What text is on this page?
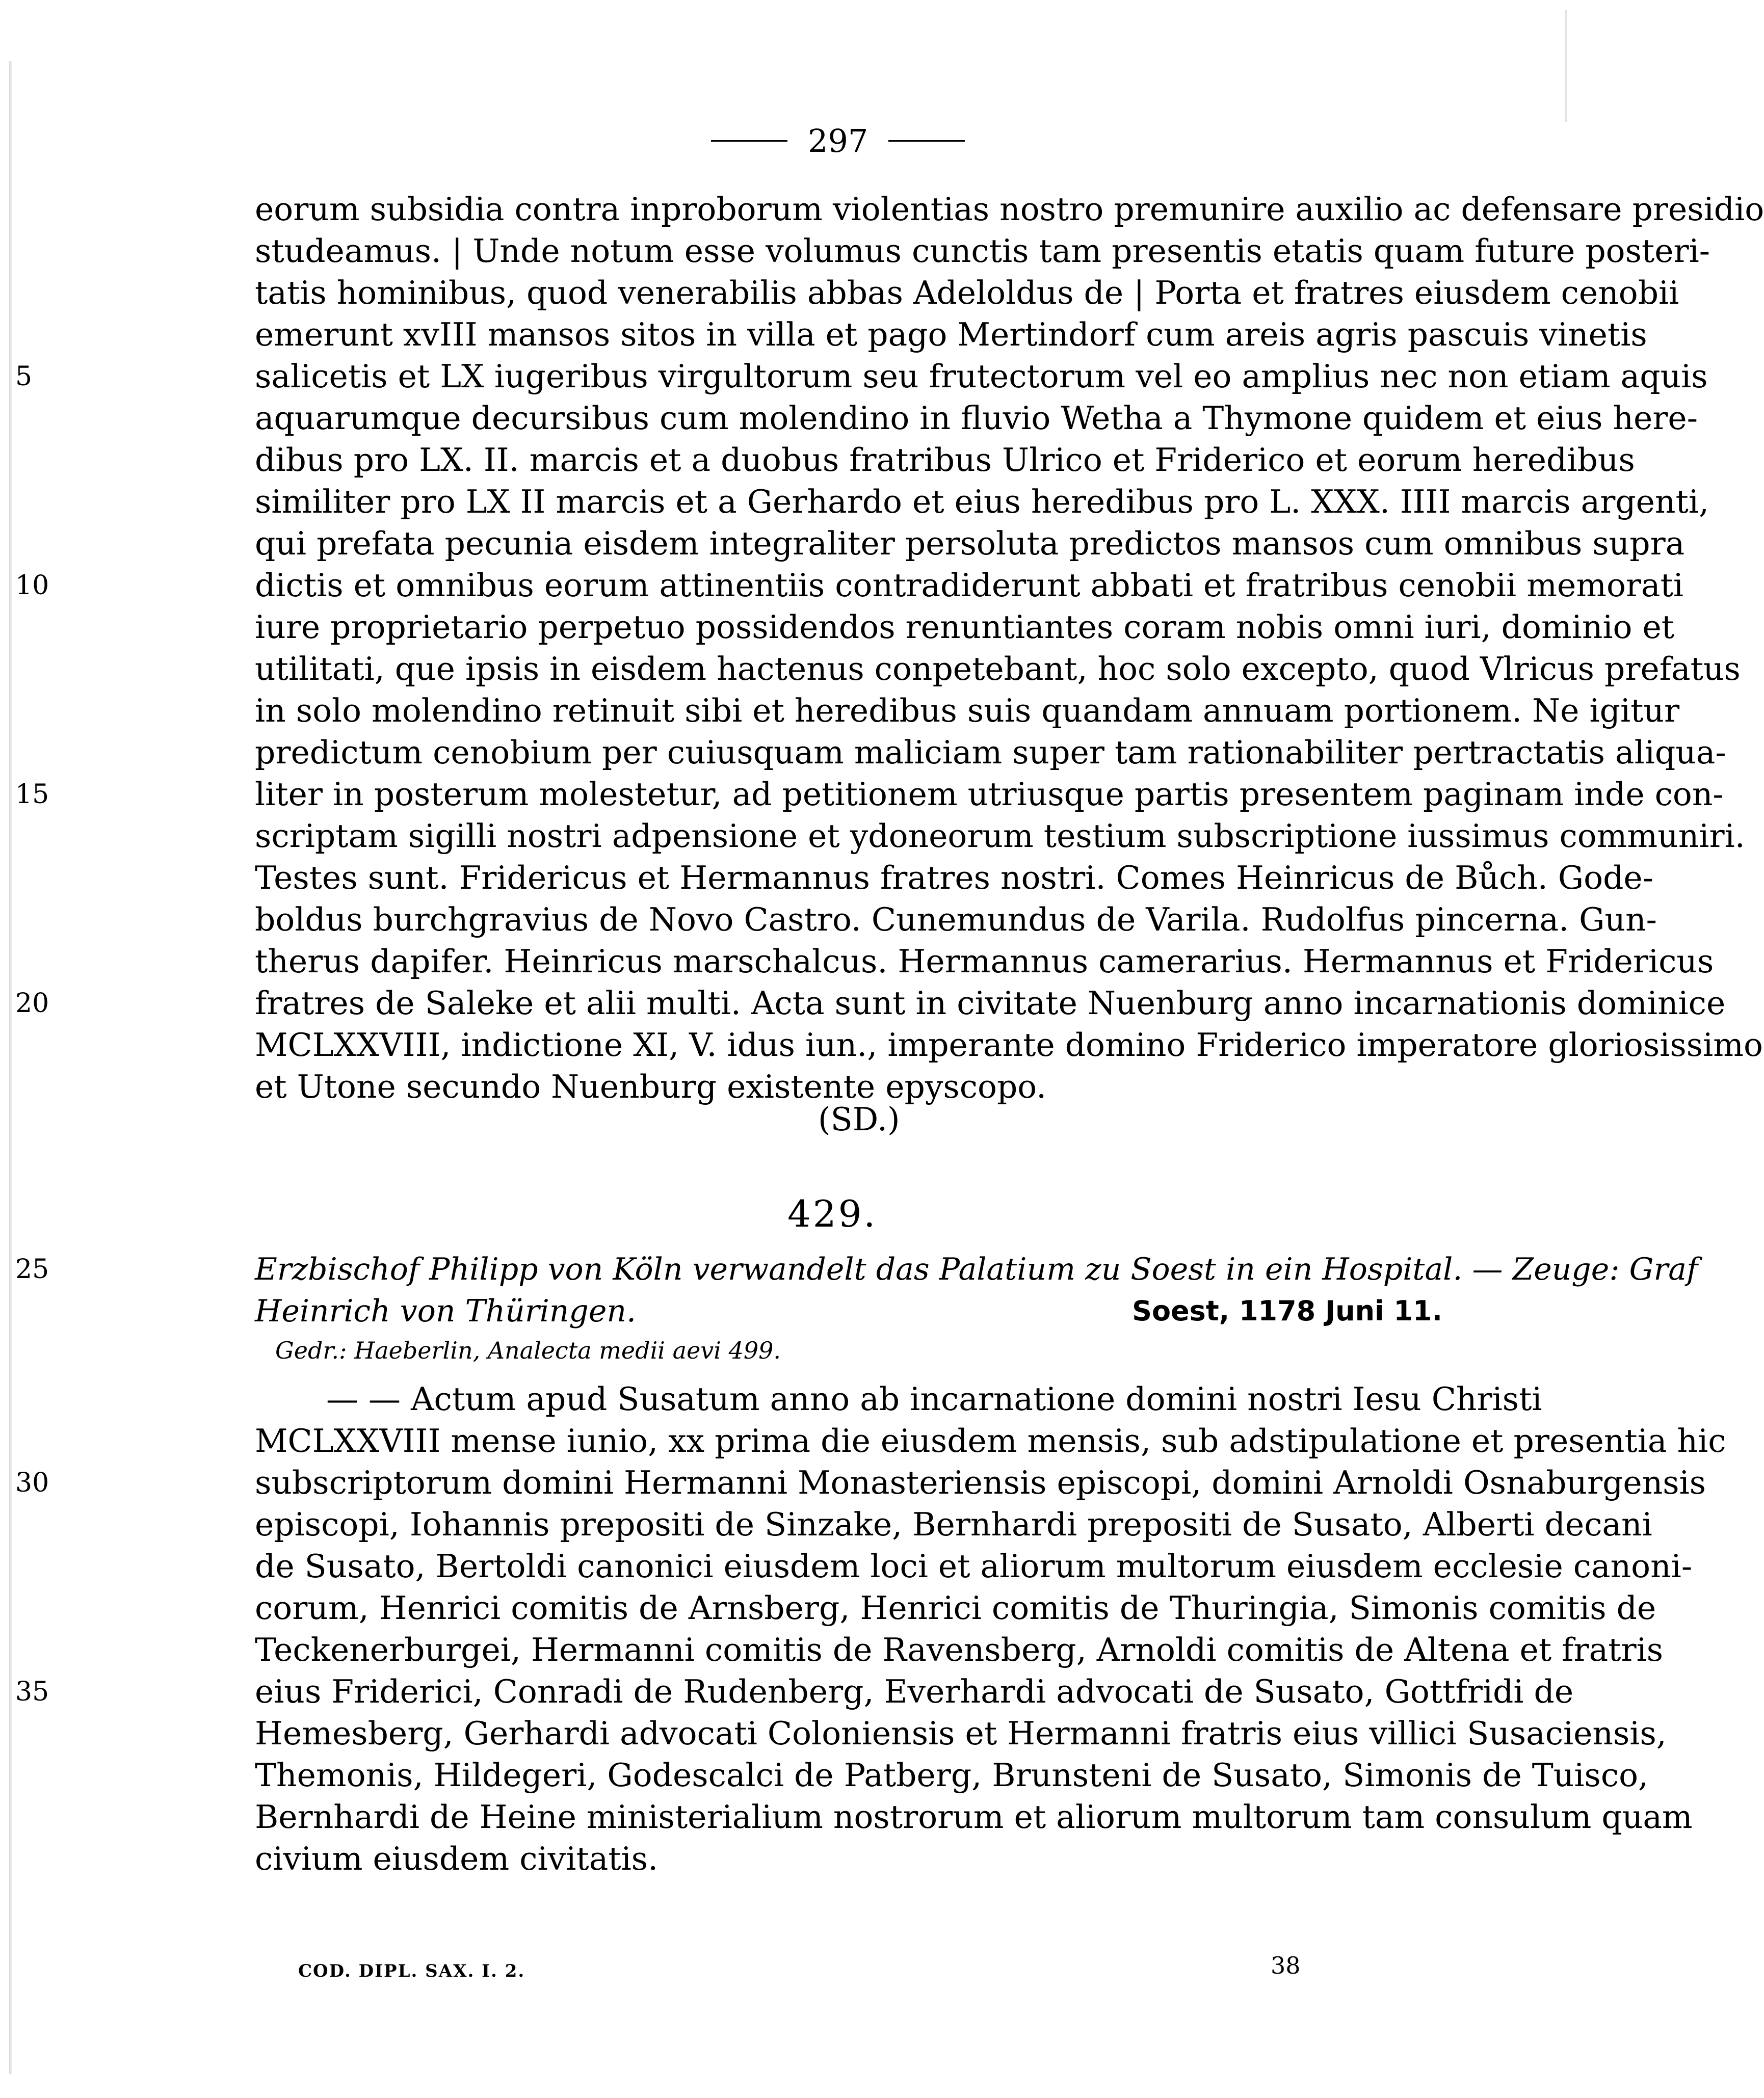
297
eorum subsidia contra inproborum violentias nostro premunire auxilio ac defensare presidio
studeamus. | Unde notum esse volumus cunctis tam presentis etatis quam future posteri-
tatis hominibus, quod venerabilis abbas Adeloldus de | Porta et fratres eiusdem cenobii
emerunt xvIII mansos sitos in villa et pago Mertindorf cum areis agris pascuis vinetis
5	salicetis et LX iugeribus virgultorum seu frutectorum vel eo amplius nec non etiam aquis
aquarumque decursibus cum molendino in fluvio Wetha a Thymone quidem et eius here-
dibus pro LX. II. marcis et a duobus fratribus Ulrico et Friderico et eorum heredibus
similiter pro LX II marcis et a Gerhardo et eius heredibus pro L. XXX. IIII marcis argenti,
qui prefata pecunia eisdem integraliter persoluta predictos mansos cum omnibus supra
10	dictis et omnibus eorum attinentiis contradiderunt abbati et fratribus cenobii memorati
iure proprietario perpetuo possidendos renuntiantes coram nobis omni iuri, dominio et
utilitati, que ipsis in eisdem hactenus conpetebant, hoc solo excepto, quod Vlricus prefatus
in solo molendino retinuit sibi et heredibus suis quandam annuam portionem. Ne igitur
predictum cenobium per cuiusquam maliciam super tam rationabiliter pertractatis aliqua-
15	liter in posterum molestetur, ad petitionem utriusque partis presentem paginam inde con-
scriptam sigilli nostri adpensione et ydoneorum testium subscriptione iussimus communiri.
Testes sunt. Fridericus et Hermannus fratres nostri. Comes Heinricus de Bůch. Gode-
boldus burchgravius de Novo Castro. Cunemundus de Varila. Rudolfus pincerna. Gun-
therus dapifer. Heinricus marschalcus. Hermannus camerarius. Hermannus et Fridericus
20	fratres de Saleke et alii multi. Acta sunt in civitate Nuenburg anno incarnationis dominice
MCLXXVIII, indictione XI, V. idus iun., imperante domino Friderico imperatore gloriosissimo
et Utone secundo Nuenburg existente epyscopo.
(SD.)
429.
25	Erzbischof Philipp von Köln verwandelt das Palatium zu Soest in ein Hospital. — Zeuge: Graf
Heinrich von Thüringen.	Soest, 1178 Juni 11.
Gedr.: Haeberlin, Analecta medii aevi 499.
— — Actum apud Susatum anno ab incarnatione domini nostri Iesu Christi
MCLXXVIII mense iunio, xx prima die eiusdem mensis, sub adstipulatione et presentia hic
30	subscriptorum domini Hermanni Monasteriensis episcopi, domini Arnoldi Osnaburgensis
episcopi, Iohannis prepositi de Sinzake, Bernhardi prepositi de Susato, Alberti decani
de Susato, Bertoldi canonici eiusdem loci et aliorum multorum eiusdem ecclesie canoni-
corum, Henrici comitis de Arnsberg, Henrici comitis de Thuringia, Simonis comitis de
Teckenerburgei, Hermanni comitis de Ravensberg, Arnoldi comitis de Altena et fratris
35	eius Friderici, Conradi de Rudenberg, Everhardi advocati de Susato, Gottfridi de
Hemesberg, Gerhardi advocati Coloniensis et Hermanni fratris eius villici Susaciensis,
Themonis, Hildegeri, Godescalci de Patberg, Brunsteni de Susato, Simonis de Tuisco,
Bernhardi de Heine ministerialium nostrorum et aliorum multorum tam consulum quam
civium eiusdem civitatis.
COD. DIPL. SAX. I. 2.	38
